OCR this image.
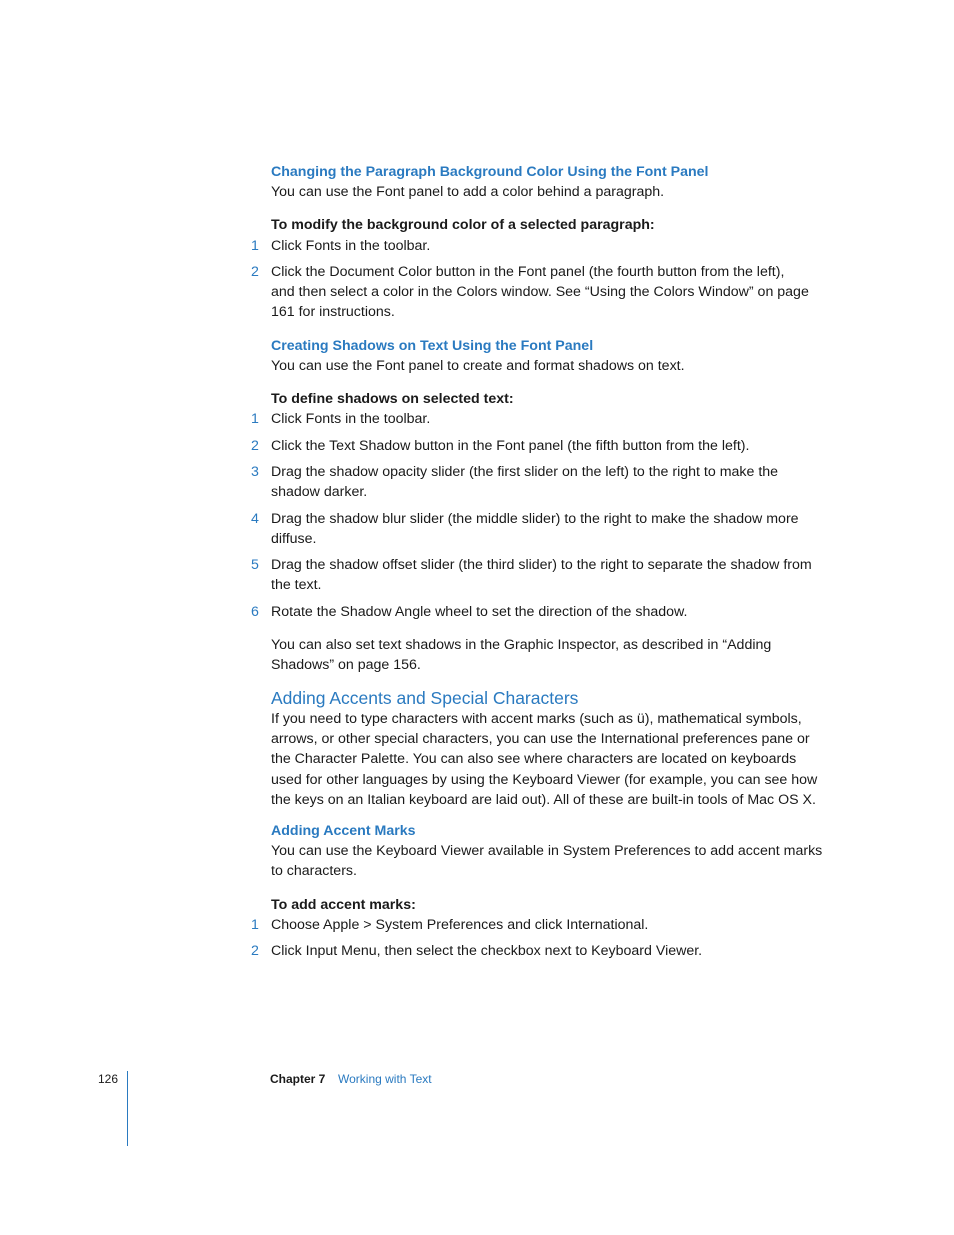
Changing the Paragraph Background Color Using the Font Panel

You can use the Font panel to add a color behind a paragraph.

To modify the background color of a selected paragraph:

1 Click Fonts in the toolbar.
2 Click the Document Color button in the Font panel (the fourth button from the left), and then select a color in the Colors window. See “Using the Colors Window” on page 161 for instructions.
Creating Shadows on Text Using the Font Panel

You can use the Font panel to create and format shadows on text.

To define shadows on selected text:

1 Click Fonts in the toolbar.
2 Click the Text Shadow button in the Font panel (the fifth button from the left).
3 Drag the shadow opacity slider (the first slider on the left) to the right to make the shadow darker.
4 Drag the shadow blur slider (the middle slider) to the right to make the shadow more diffuse.
5 Drag the shadow offset slider (the third slider) to the right to separate the shadow from the text.
6 Rotate the Shadow Angle wheel to set the direction of the shadow.

You can also set text shadows in the Graphic Inspector, as described in “Adding Shadows” on page 156.

Adding Accents and Special Characters

If you need to type characters with accent marks (such as ü), mathematical symbols, arrows, or other special characters, you can use the International preferences pane or the Character Palette. You can also see where characters are located on keyboards used for other languages by using the Keyboard Viewer (for example, you can see how the keys on an Italian keyboard are laid out). All of these are built-in tools of Mac OS X.

Adding Accent Marks

You can use the Keyboard Viewer available in System Preferences to add accent marks to characters.

To add accent marks:

1 Choose Apple > System Preferences and click International.
2 Click Input Menu, then select the checkbox next to Keyboard Viewer.
126	Chapter 7 Working with Text
